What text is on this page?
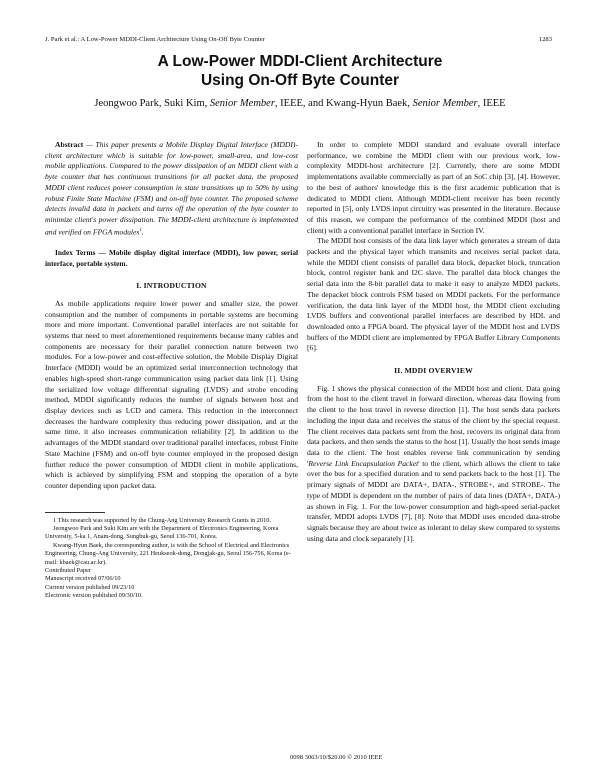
J. Park et al.: A Low-Power MDDI-Client Architecture Using On-Off Byte Counter	1283
A Low-Power MDDI-Client Architecture
Using On-Off Byte Counter
Jeongwoo Park, Suki Kim, Senior Member, IEEE, and Kwang-Hyun Baek, Senior Member, IEEE

Abstract — This paper presents a Mobile Display Digital Interface (MDDI)-client architecture which is suitable for low-power, small-area, and low-cost mobile applications. Compared to the power dissipation of an MDDI client with a byte counter that has continuous transitions for all packet data, the proposed MDDI client reduces power consumption in state transitions up to 50% by using robust Finite State Machine (FSM) and on-off byte counter. The proposed scheme detects invalid data in packets and turns off the operation of the byte counter to minimize client's power dissipation. The MDDI-client architecture is implemented and verified on FPGA modules$^1$.

Index Terms — Mobile display digital interface (MDDI), low power, serial interface, portable system.

I. INTRODUCTION

As mobile applications require lower power and smaller size, the power consumption and the number of components in portable systems are becoming more and more important. Conventional parallel interfaces are not suitable for systems that need to meet aforementioned requirements because many cables and components are necessary for their parallel connection nature between two modules. For a low-power and cost-effective solution, the Mobile Display Digital Interface (MDDI) would be an optimized serial interconnection technology that enables high-speed short-range communication using packet data link [1]. Using the serialized low voltage differential signaling (LVDS) and strobe encoding method, MDDI significantly reduces the number of signals between host and display devices such as LCD and camera. This reduction in the interconnect decreases the hardware complexity thus reducing power dissipation, and at the same time, it also increases communication reliability [2]. In addition to the advantages of the MDDI standard over traditional parallel interfaces, robust Finite State Machine (FSM) and on-off byte counter employed in the proposed design further reduce the power consumption of MDDI client in mobile applications, which is achieved by simplifying FSM and stopping the operation of a byte counter depending upon packet data.

1 This research was supported by the Chung-Ang University Research Grants in 2010.

Jeongwoo Park and Suki Kim are with the Department of Electronics Engineering, Korea University, 5-ka 1, Anam-dong, Sungbuk-gu, Seoul 136-701, Korea.

Kwang-Hyun Baek, the corresponding author, is with the School of Electrical and Electronics Engineering, Chung-Ang University, 221 Heukseok-dong, Dongjak-gu, Seoul 156-756, Korea (e-mail: kbaek@cau.ac.kr).

Contributed Paper

Manuscript received 07/06/10

Current version published 09/23/10

Electronic version published 09/30/10.

In order to complete MDDI standard and evaluate overall interface performance, we combine the MDDI client with our previous work, low-complexity MDDI-host architecture [2]. Currently, there are some MDDI implementations available commercially as part of an SoC chip [3], [4]. However, to the best of authors' knowledge this is the first academic publication that is dedicated to MDDI client. Although MDDI-client receiver has been recently reported in [5], only LVDS input circuitry was presented in the literature. Because of this reason, we compare the performance of the combined MDDI (host and client) with a conventional parallel interface in Section IV.

The MDDI host consists of the data link layer which generates a stream of data packets and the physical layer which transmits and receives serial packet data, while the MDDI client consists of parallel data block, depacket block, truncation block, control register bank and I2C slave. The parallel data block changes the serial data into the 8-bit parallel data to make it easy to analyze MDDI packets. The depacket block controls FSM based on MDDI packets. For the performance verification, the data link layer of the MDDI host, the MDDI client excluding LVDS buffers and conventional parallel interfaces are described by HDL and downloaded onto a FPGA board. The physical layer of the MDDI host and LVDS buffers of the MDDI client are implemented by FPGA Buffer Library Components [6].

II. MDDI OVERVIEW

Fig. 1 shows the physical connection of the MDDI host and client. Data going from the host to the client travel in forward direction, whereas data flowing from the client to the host travel in reverse direction [1]. The host sends data packets including the input data and receives the status of the client by the special request. The client receives data packets sent from the host, recovers its original data from data packets, and then sends the status to the host [1]. Usually the host sends image data to the client. The host enables reverse link communication by sending 'Reverse Link Encapsulation Packet' to the client, which allows the client to take over the bus for a specified duration and to send packets back to the host [1]. The primary signals of MDDI are DATA+, DATA-, STROBE+, and STROBE-. The type of MDDI is dependent on the number of pairs of data lines (DATA+, DATA-) as shown in Fig. 1. For the low-power consumption and high-speed serial-packet transfer, MDDI adopts LVDS [7], [8]. Note that MDDI uses encoded data-strobe signals because they are about twice as tolerant to delay skew compared to systems using data and clock separately [1].

0098 3063/10/$20.00 © 2010 IEEE
